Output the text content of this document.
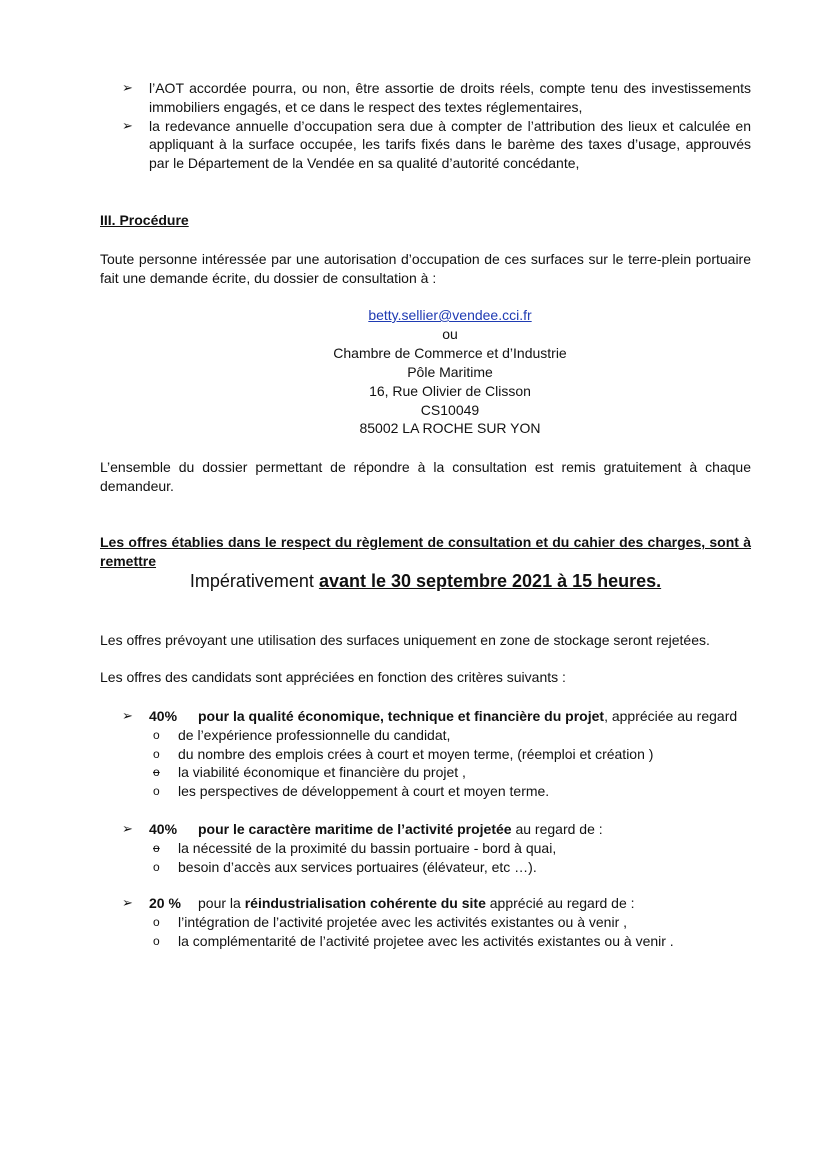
➢ l’AOT accordée pourra, ou non, être assortie de droits réels, compte tenu des investissements immobiliers engagés, et ce dans le respect des textes réglementaires,
➢ la redevance annuelle d’occupation sera due à compter de l’attribution des lieux et calculée en appliquant à la surface occupée, les tarifs fixés dans le barème des taxes d’usage, approuvés par le Département de la Vendée en sa qualité d’autorité concédante,
III. Procédure
Toute personne intéressée par une autorisation d’occupation de ces surfaces sur le terre-plein portuaire fait une demande écrite, du dossier de consultation à :
betty.sellier@vendee.cci.fr
ou
Chambre de Commerce et d’Industrie
Pôle Maritime
16, Rue Olivier de Clisson
CS10049
85002 LA ROCHE SUR YON
L’ensemble du dossier permettant de répondre à la consultation est remis gratuitement à chaque demandeur.
Les offres établies dans le respect du règlement de consultation et du cahier des charges, sont à
remettre
Impérativement avant le 30 septembre 2021 à 15 heures.
Les offres prévoyant une utilisation des surfaces uniquement en zone de stockage seront rejetées.
Les offres des candidats sont appréciées en fonction des critères suivants :
➢ 40% pour la qualité économique, technique et financière du projet, appréciée au regard
o de l’expérience professionnelle du candidat,
o du nombre des emplois crées à court et moyen terme, (réemploi et création )
o la viabilité économique et financière du projet ,
o les perspectives de développement à court et moyen terme.
➢ 40% pour le caractère maritime de l’activité projetée au regard de :
o la nécessité de la proximité du bassin portuaire - bord à quai,
o besoin d’accès aux services portuaires (élévateur, etc …).
➢ 20 % pour la réindustrialisation cohérente du site apprécié au regard de :
o l’intégration de l’activité projetée avec les activités existantes ou à venir ,
o la complémentarité de l’activité projetee avec les activités existantes ou à venir .
